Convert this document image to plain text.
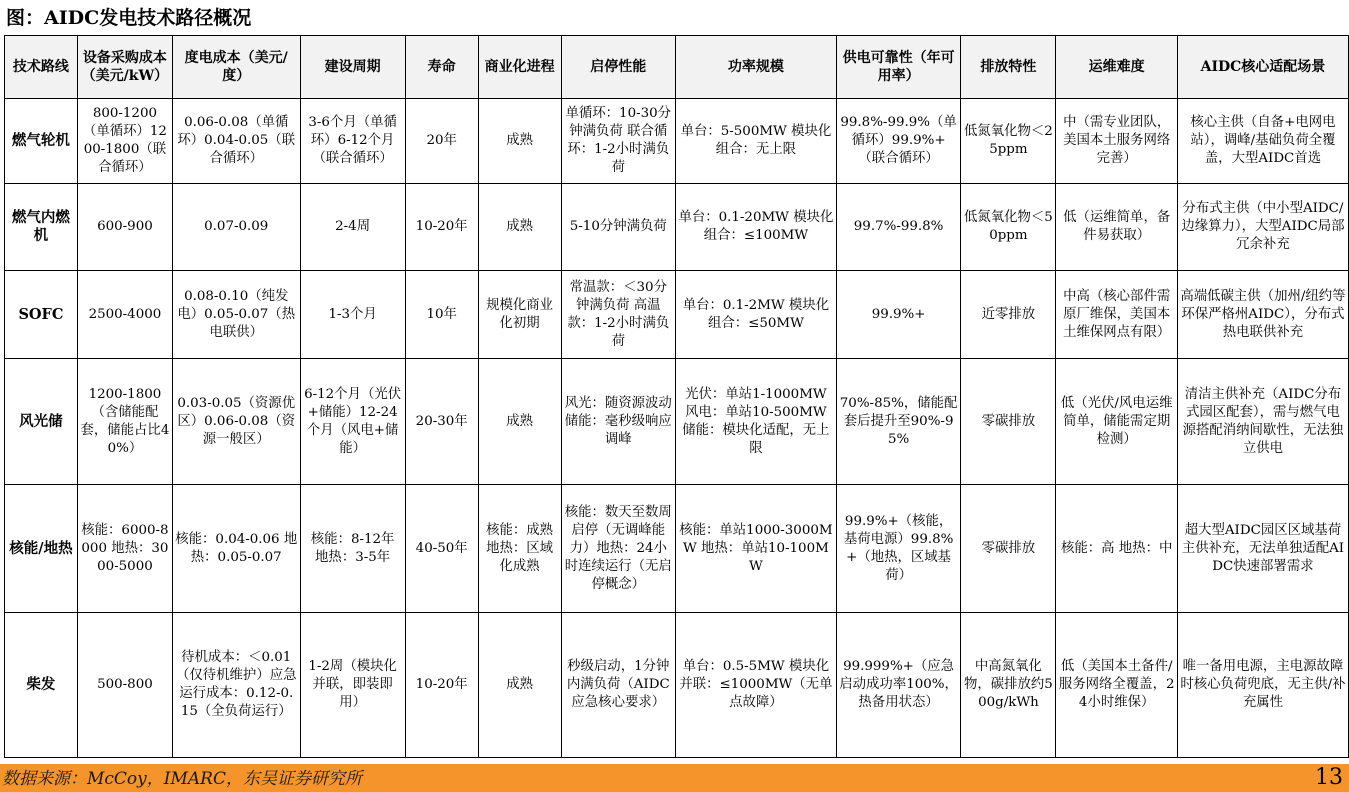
图：AIDC发电技术路径概况
技术路线	设备采购成本（美元/kW）	度电成本（美元/度）	建设周期	寿命	商业化进程	启停性能	功率规模	供电可靠性（年可用率）	排放特性	运维难度	AIDC核心适配场景
燃气轮机	800-1200（单循环）1200-1800（联合循环）	0.06-0.08（单循环）0.04-0.05（联合循环）	3-6个月（单循环）6-12个月（联合循环）	20年	成熟	单循环：10-30分钟满负荷 联合循环：1-2小时满负荷	单台：5-500MW 模块化组合：无上限	99.8%-99.9%（单循环）99.9%+（联合循环）	低氮氧化物＜25ppm	中（需专业团队，美国本土服务网络完善）	核心主供（自备+电网电站），调峰/基础负荷全覆盖，大型AIDC首选
燃气内燃机	600-900	0.07-0.09	2-4周	10-20年	成熟	5-10分钟满负荷	单台：0.1-20MW 模块化组合：≤100MW	99.7%-99.8%	低氮氧化物＜50ppm	低（运维简单，备件易获取）	分布式主供（中小型AIDC/边缘算力），大型AIDC局部冗余补充
SOFC	2500-4000	0.08-0.10（纯发电）0.05-0.07（热电联供）	1-3个月	10年	规模化商业化初期	常温款：＜30分钟满负荷 高温款：1-2小时满负荷	单台：0.1-2MW 模块化组合：≤50MW	99.9%+	近零排放	中高（核心部件需原厂维保，美国本土维保网点有限）	高端低碳主供（加州/纽约等环保严格州AIDC），分布式热电联供补充
风光储	1200-1800（含储能配套，储能占比40%）	0.03-0.05（资源优区）0.06-0.08（资源一般区）	6-12个月（光伏+储能）12-24个月（风电+储能）	20-30年	成熟	风光：随资源波动 储能：毫秒级响应调峰	光伏：单站1-1000MW 风电：单站10-500MW 储能：模块化适配，无上限	70%-85%，储能配套后提升至90%-95%	零碳排放	低（光伏/风电运维简单，储能需定期检测）	清洁主供补充（AIDC分布式园区配套），需与燃气电源搭配消纳间歇性，无法独立供电
核能/地热	核能：6000-8000 地热：3000-5000	核能：0.04-0.06 地热：0.05-0.07	核能：8-12年 地热：3-5年	40-50年	核能：成熟 地热：区域化成熟	核能：数天至数周启停（无调峰能力）地热：24小时连续运行（无启停概念）	核能：单站1000-3000MW 地热：单站10-100MW	99.9%+（核能，基荷电源）99.8%+（地热，区域基荷）	零碳排放	核能：高 地热：中	超大型AIDC园区区域基荷主供补充，无法单独适配AIDC快速部署需求
柴发	500-800	待机成本：＜0.01（仅待机维护）应急运行成本：0.12-0.15（全负荷运行）	1-2周（模块化并联，即装即用）	10-20年	成熟	秒级启动，1分钟内满负荷（AIDC应急核心要求）	单台：0.5-5MW 模块化并联：≤1000MW（无单点故障）	99.999%+（应急启动成功率100%，热备用状态）	中高氮氧化物，碳排放约500g/kWh	低（美国本土备件/服务网络全覆盖，24小时维保）	唯一备用电源，主电源故障时核心负荷兜底，无主供/补充属性
数据来源：McCoy，IMARC，东吴证券研究所	13
